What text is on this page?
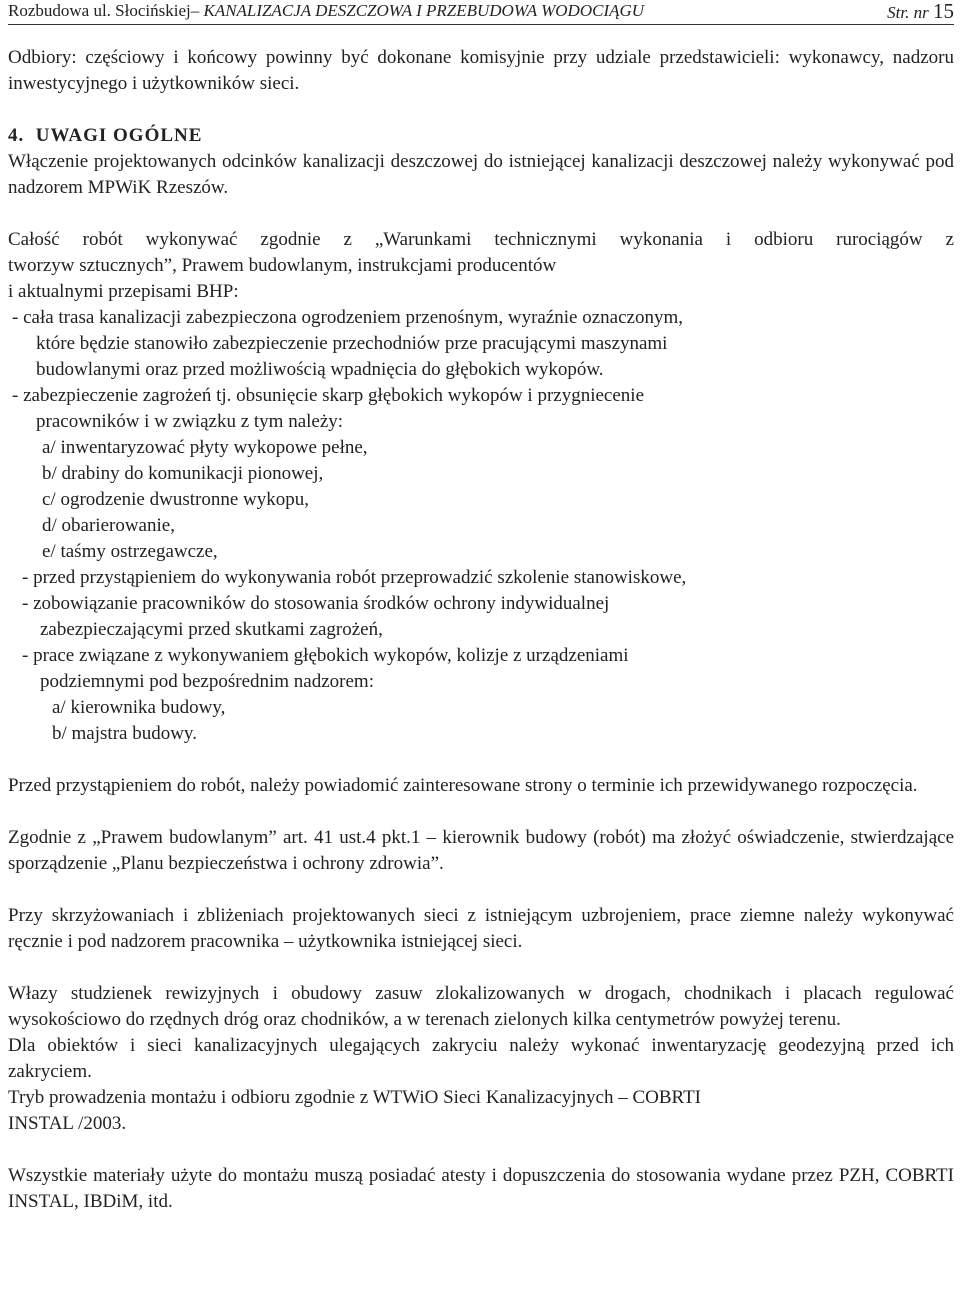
Rozbudowa ul. Słocińskiej– KANALIZACJA DESZCZOWA I PRZEBUDOWA WODOCIĄGU	Str. nr 15

Odbiory: częściowy i końcowy powinny być dokonane komisyjnie przy udziale przedstawicieli: wykonawcy, nadzoru inwestycyjnego i użytkowników sieci.

4. UWAGI OGÓLNE

Włączenie projektowanych odcinków kanalizacji deszczowej do istniejącej kanalizacji deszczowej należy wykonywać pod nadzorem MPWiK Rzeszów.

Całość robót wykonywać zgodnie z „Warunkami technicznymi wykonania i odbioru rurociągów z
tworzyw sztucznych”, Prawem budowlanym, instrukcjami producentów
i aktualnymi przepisami BHP:
- cała trasa kanalizacji zabezpieczona ogrodzeniem przenośnym, wyraźnie oznaczonym,
które będzie stanowiło zabezpieczenie przechodniów prze pracującymi maszynami
budowlanymi oraz przed możliwością wpadnięcia do głębokich wykopów.
- zabezpieczenie zagrożeń tj. obsunięcie skarp głębokich wykopów i przygniecenie
pracowników i w związku z tym należy:
a/ inwentaryzować płyty wykopowe pełne,
b/ drabiny do komunikacji pionowej,
c/ ogrodzenie dwustronne wykopu,
d/ obarierowanie,
e/ taśmy ostrzegawcze,
- przed przystąpieniem do wykonywania robót przeprowadzić szkolenie stanowiskowe,
- zobowiązanie pracowników do stosowania środków ochrony indywidualnej
zabezpieczającymi przed skutkami zagrożeń,
- prace związane z wykonywaniem głębokich wykopów, kolizje z urządzeniami
podziemnymi pod bezpośrednim nadzorem:
a/ kierownika budowy,
b/ majstra budowy.

Przed przystąpieniem do robót, należy powiadomić zainteresowane strony o terminie ich przewidywanego rozpoczęcia.

Zgodnie z „Prawem budowlanym” art. 41 ust.4 pkt.1 – kierownik budowy (robót) ma złożyć oświadczenie, stwierdzające sporządzenie „Planu bezpieczeństwa i ochrony zdrowia”.

Przy skrzyżowaniach i zbliżeniach projektowanych sieci z istniejącym uzbrojeniem, prace ziemne należy wykonywać ręcznie i pod nadzorem pracownika – użytkownika istniejącej sieci.

Włazy studzienek rewizyjnych i obudowy zasuw zlokalizowanych w drogach, chodnikach i placach regulować wysokościowo do rzędnych dróg oraz chodników, a w terenach zielonych kilka centymetrów powyżej terenu.

Dla obiektów i sieci kanalizacyjnych ulegających zakryciu należy wykonać inwentaryzację geodezyjną przed ich zakryciem.

Tryb prowadzenia montażu i odbioru zgodnie z WTWiO Sieci Kanalizacyjnych – COBRTI
INSTAL /2003.

Wszystkie materiały użyte do montażu muszą posiadać atesty i dopuszczenia do stosowania wydane przez PZH, COBRTI INSTAL, IBDiM, itd.
